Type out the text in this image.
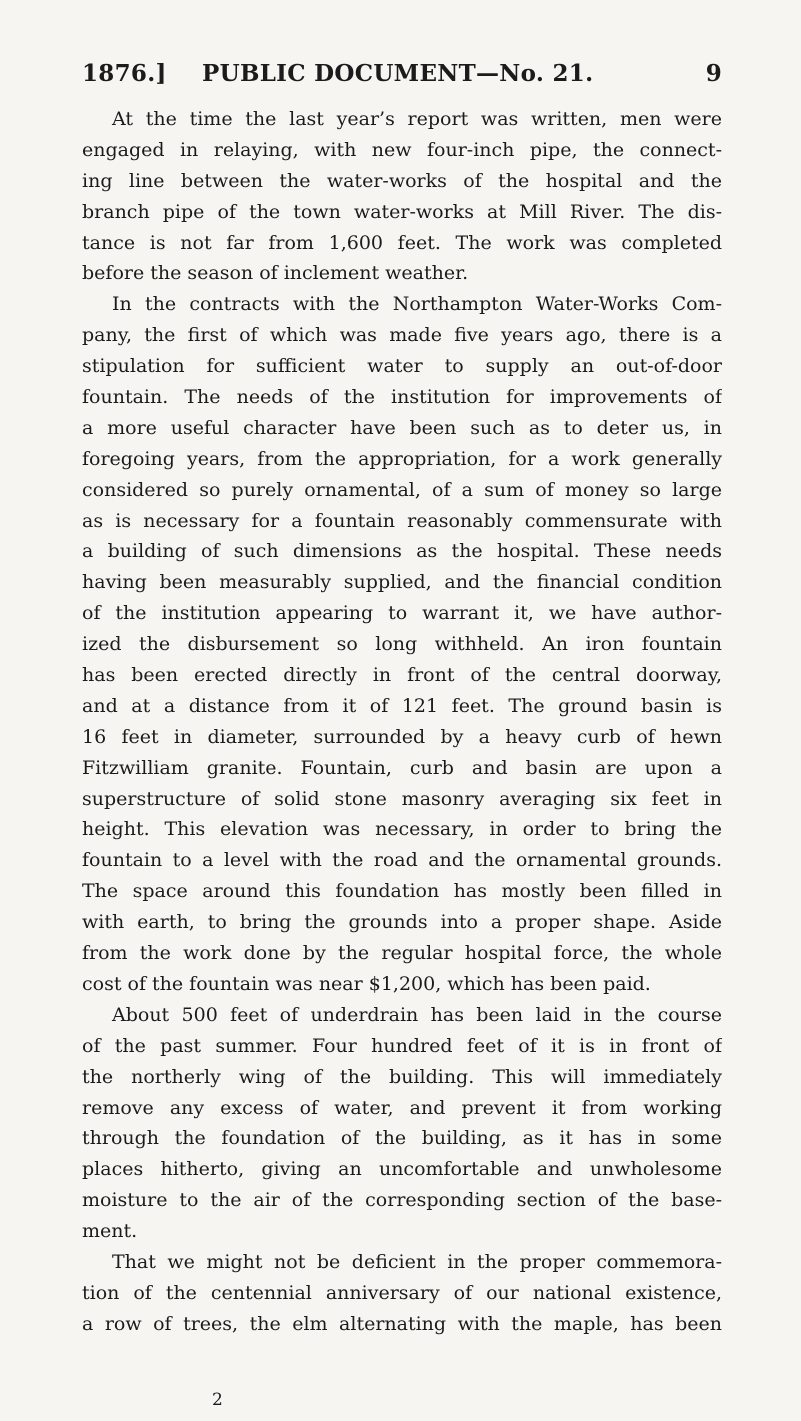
1876.] PUBLIC DOCUMENT—No. 21.	9
At the time the last year’s report was written, men were
engaged in relaying, with new four-inch pipe, the connect-
ing line between the water-works of the hospital and the
branch pipe of the town water-works at Mill River. The dis-
tance is not far from 1,600 feet. The work was completed
before the season of inclement weather.
In the contracts with the Northampton Water-Works Com-
pany, the first of which was made five years ago, there is a
stipulation for sufficient water to supply an out-of-door
fountain. The needs of the institution for improvements of
a more useful character have been such as to deter us, in
foregoing years, from the appropriation, for a work generally
considered so purely ornamental, of a sum of money so large
as is necessary for a fountain reasonably commensurate with
a building of such dimensions as the hospital. These needs
having been measurably supplied, and the financial condition
of the institution appearing to warrant it, we have author-
ized the disbursement so long withheld. An iron fountain
has been erected directly in front of the central doorway,
and at a distance from it of 121 feet. The ground basin is
16 feet in diameter, surrounded by a heavy curb of hewn
Fitzwilliam granite. Fountain, curb and basin are upon a
superstructure of solid stone masonry averaging six feet in
height. This elevation was necessary, in order to bring the
fountain to a level with the road and the ornamental grounds.
The space around this foundation has mostly been filled in
with earth, to bring the grounds into a proper shape. Aside
from the work done by the regular hospital force, the whole
cost of the fountain was near $1,200, which has been paid.
About 500 feet of underdrain has been laid in the course
of the past summer. Four hundred feet of it is in front of
the northerly wing of the building. This will immediately
remove any excess of water, and prevent it from working
through the foundation of the building, as it has in some
places hitherto, giving an uncomfortable and unwholesome
moisture to the air of the corresponding section of the base-
ment.
That we might not be deficient in the proper commemora-
tion of the centennial anniversary of our national existence,
a row of trees, the elm alternating with the maple, has been
2
